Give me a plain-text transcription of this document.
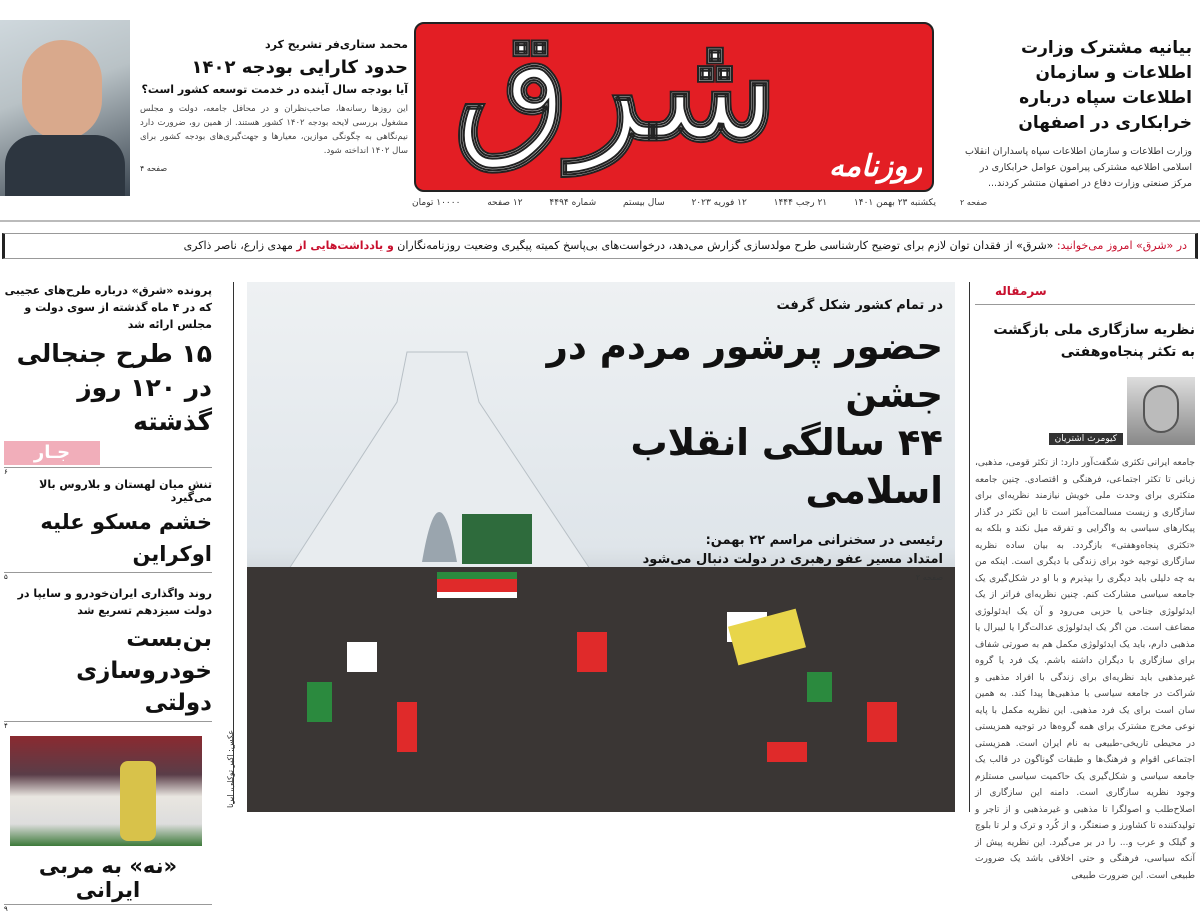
بیانیه مشترک وزارت اطلاعات و سازمان اطلاعات سپاه درباره خرابکاری در اصفهان
وزارت اطلاعات و سازمان اطلاعات سپاه پاسداران انقلاب اسلامی اطلاعیه مشترکی پیرامون عوامل خرابکاری در مرکز صنعتی وزارت دفاع در اصفهان منتشر کردند...
صفحه ۲
شرق	روزنامه
یکشنبه ۲۳ بهمن ۱۴۰۱
۲۱ رجب ۱۴۴۴
۱۲ فوریه ۲۰۲۳
سال بیستم
شماره ۴۴۹۴
۱۲ صفحه
۱۰۰۰۰ تومان
محمد ستاری‌فر تشریح کرد
حدود کارایی بودجه ۱۴۰۲
آیا بودجه سال آینده در خدمت توسعه کشور است؟
این روزها رسانه‌ها، صاحب‌نظران و در محافل جامعه، دولت و مجلس مشغول بررسی لایحه بودجه ۱۴۰۲ کشور هستند. از همین رو، ضرورت دارد نیم‌نگاهی به چگونگی موازین، معیارها و جهت‌گیری‌های بودجه کشور برای سال ۱۴۰۲ انداخته شود.
صفحه ۴
در «شرق» امروز می‌خوانید: «شرق» از فقدان توان لازم برای توضیح کارشناسی طرح مولدسازی گزارش می‌دهد، درخواست‌های بی‌پاسخ کمیته پیگیری وضعیت روزنامه‌نگاران و یادداشت‌هایی از مهدی زارع، ناصر ذاکری
پرونده «شرق» درباره طرح‌های عجیبی که در ۴ ماه گذشته از سوی دولت و مجلس ارائه شد
۱۵ طرح جنجالی در ۱۲۰ روز گذشته
جـار
۶
تنش میان لهستان و بلاروس بالا می‌گیرد
خشم مسکو علیه اوکراین
۵
روند واگذاری ایران‌خودرو و سایپا در دولت سیزدهم تسریع شد
بن‌بست خودروسازی دولتی
۴
«نه» به مربی ایرانی
۹
عکس: اکبر توکلی، ایرنا
در تمام کشور شکل گرفت
حضور پرشور مردم در جشن
۴۴ سالگی انقلاب اسلامی
رئیسی در سخنرانی مراسم ۲۲ بهمن:
امتداد مسیر عفو رهبری در دولت دنبال می‌شود
صفحه ۲
سرمقاله
نظریه سازگاری ملی بازگشت به تکثر پنجاه‌وهفتی
کیومرث اشتریان
جامعه ایرانی تکثری شگفت‌آور دارد: از تکثر قومی، مذهبی، زبانی تا تکثر اجتماعی، فرهنگی و اقتصادی. چنین جامعه متکثری برای وحدت ملی خویش نیازمند نظریه‌ای برای سازگاری و زیست مسالمت‌آمیز است تا این تکثر در گذار پیکارهای سیاسی به واگرایی و تفرقه میل نکند و بلکه به «تکثری پنجاه‌وهفتی» بازگردد. به بیان ساده نظریه سازگاری توجیه خود برای زندگی با دیگری است. اینکه من به چه دلیلی باید دیگری را بپذیرم و با او در شکل‌گیری یک جامعه سیاسی مشارکت کنم. چنین نظریه‌ای فراتر از یک ایدئولوژی جناحی یا حزبی می‌رود و آن یک ایدئولوژی مضاعف است. من اگر یک ایدئولوژی عدالت‌گرا یا لیبرال یا مذهبی دارم، باید یک ایدئولوژی مکمل هم به صورتی شفاف برای سازگاری با دیگران داشته باشم. یک فرد یا گروه غیرمذهبی باید نظریه‌ای برای زندگی با افراد مذهبی و شراکت در جامعه سیاسی با مذهبی‌ها پیدا کند. به همین سان است برای یک فرد مذهبی. این نظریه مکمل با پایه نوعی مخرج مشترک برای همه گروه‌ها در توجیه همزیستی در محیطی تاریخی-طبیعی به نام ایران است. همزیستی اجتماعی اقوام و فرهنگ‌ها و طبقات گوناگون در قالب یک جامعه سیاسی و شکل‌گیری یک حاکمیت سیاسی مستلزم وجود نظریه سازگاری است. دامنه این سازگاری از اصلاح‌طلب و اصولگرا تا مذهبی و غیرمذهبی و از تاجر و تولیدکننده تا کشاورز و صنعتگر، و از کُرد و ترک و لر تا بلوچ و گیلک و عرب و... را در بر می‌گیرد. این نظریه پیش از آنکه سیاسی، فرهنگی و حتی اخلاقی باشد یک ضرورت طبیعی است. این ضرورت طبیعی
